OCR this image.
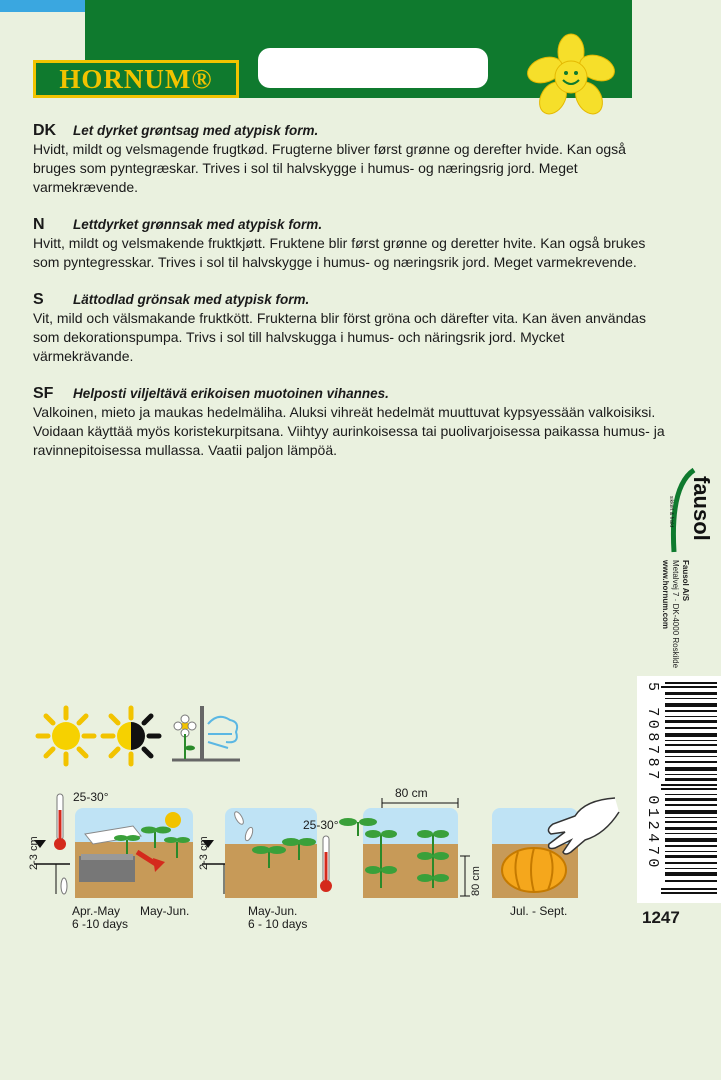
HORNUM®
DK	Let dyrket grøntsag med atypisk form.
Hvidt, mildt og velsmagende frugtkød. Frugterne bliver først grønne og derefter hvide. Kan også bruges som pyntegræskar. Trives i sol til halvskygge i humus- og næringsrig jord. Meget varmekrævende.
N	Lettdyrket grønnsak med atypisk form.
Hvitt, mildt og velsmakende fruktkjøtt. Fruktene blir først grønne og deretter hvite. Kan også brukes som pyntegresskar. Trives i sol til halvskygge i humus- og næringsrik jord. Meget varmekrevende.
S	Lättodlad grönsak med atypisk form.
Vit, mild och välsmakande fruktkött. Frukterna blir först gröna och därefter vita. Kan även användas som dekorationspumpa. Trivs i sol till halvskugga i humus- och näringsrik jord. Mycket värmekrävande.
SF	Helposti viljeltävä erikoisen muotoinen vihannes.
Valkoinen, mieto ja maukas hedelmäliha. Aluksi vihreät hedelmät muuttuvat kypsyessään valkoisiksi. Voidaan käyttää myös koristekurpitsana. Viihtyy aurinkoisessa tai puolivarjoisessa paikassa humus- ja ravinnepitoisessa mullassa. Vaatii paljon lämpöä.
fausol
sikkert & friskt
Fausol A/S
Metalvej 7 · DK-4000 Roskilde
www.hornum.com
5 708787 012470
1247
25-30°
2-3 cm
Apr.-May
6 -10 days
May-Jun.
2-3 cm
25-30°
May-Jun.
6 - 10 days
80 cm
80 cm
Jul. - Sept.
